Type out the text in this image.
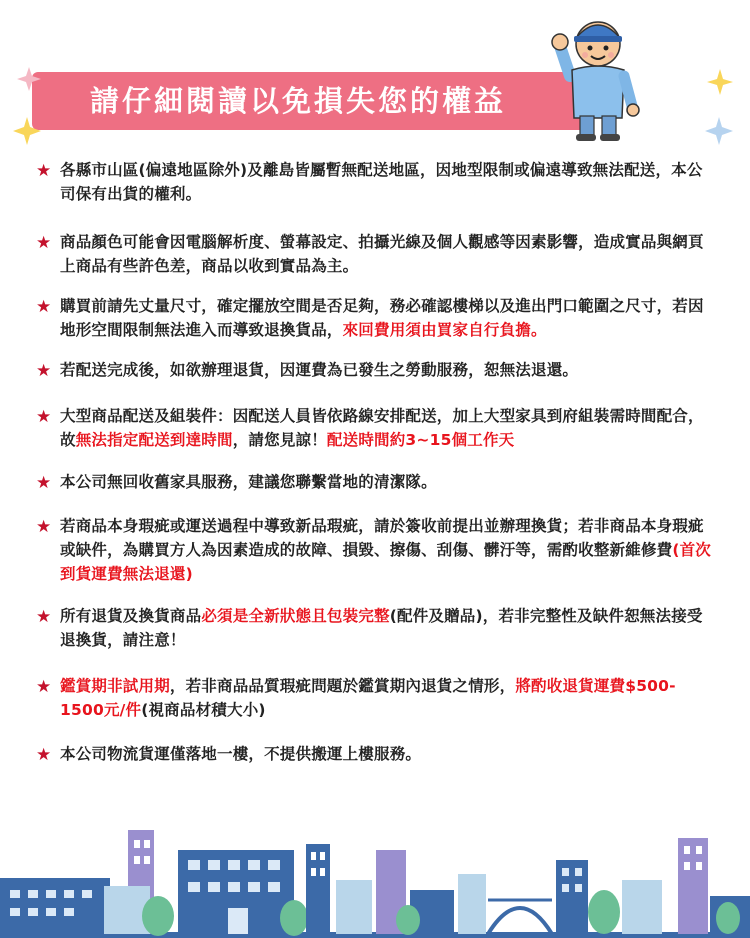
請仔細閱讀以免損失您的權益
★ 各縣市山區(偏遠地區除外)及離島皆屬暫無配送地區，因地型限制或偏遠導致無法配送，本公司保有出貨的權利。
★ 商品顏色可能會因電腦解析度、螢幕設定、拍攝光線及個人觀感等因素影響，造成實品與網頁上商品有些許色差，商品以收到實品為主。
★ 購買前請先丈量尺寸，確定擺放空間是否足夠，務必確認樓梯以及進出門口範圍之尺寸，若因地形空間限制無法進入而導致退換貨品，來回費用須由買家自行負擔。
★ 若配送完成後，如欲辦理退貨，因運費為已發生之勞動服務，恕無法退還。
★ 大型商品配送及組裝件：因配送人員皆依路線安排配送，加上大型家具到府組裝需時間配合，故無法指定配送到達時間，請您見諒！配送時間約3~15個工作天
★ 本公司無回收舊家具服務，建議您聯繫當地的清潔隊。
★ 若商品本身瑕疵或運送過程中導致新品瑕疵，請於簽收前提出並辦理換貨；若非商品本身瑕疵或缺件，為購買方人為因素造成的故障、損毀、擦傷、刮傷、髒汙等，需酌收整新維修費(首次到貨運費無法退還)
★ 所有退貨及換貨商品必須是全新狀態且包裝完整(配件及贈品)，若非完整性及缺件恕無法接受退換貨，請注意！
★ 鑑賞期非試用期，若非商品品質瑕疵問題於鑑賞期內退貨之情形，將酌收退貨運費$500-1500元/件(視商品材積大小)
★ 本公司物流貨運僅落地一樓，不提供搬運上樓服務。
